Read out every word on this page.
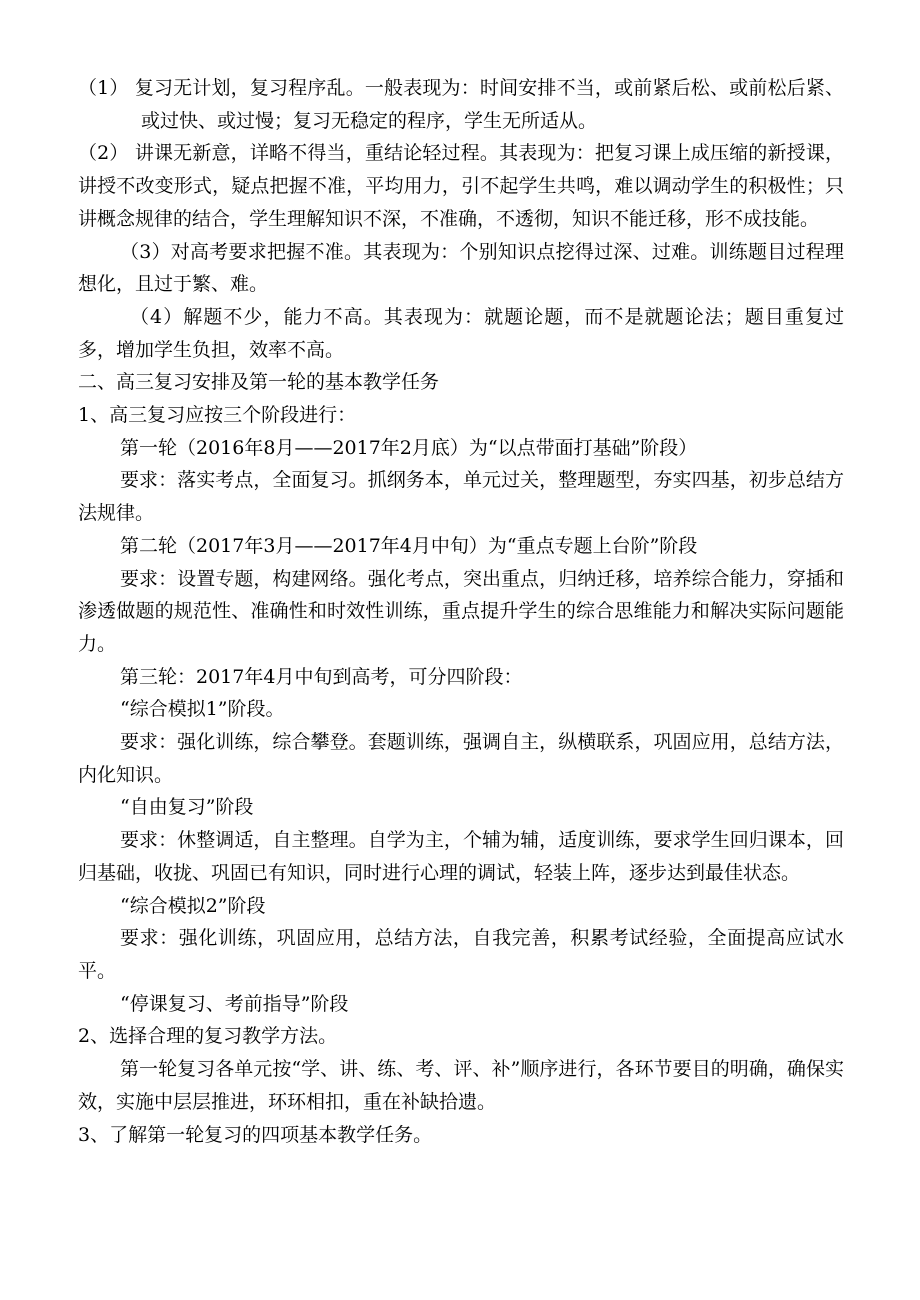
（1） 复习无计划，复习程序乱。一般表现为：时间安排不当，或前紧后松、或前松后紧、或过快、或过慢；复习无稳定的程序，学生无所适从。

（2） 讲课无新意，详略不得当，重结论轻过程。其表现为：把复习课上成压缩的新授课，讲授不改变形式，疑点把握不准，平均用力，引不起学生共鸣，难以调动学生的积极性；只讲概念规律的结合，学生理解知识不深，不准确，不透彻，知识不能迁移，形不成技能。

（3）对高考要求把握不准。其表现为：个别知识点挖得过深、过难。训练题目过程理想化，且过于繁、难。

（4）解题不少，能力不高。其表现为：就题论题，而不是就题论法；题目重复过多，增加学生负担，效率不高。

二、高三复习安排及第一轮的基本教学任务

1、高三复习应按三个阶段进行：

第一轮（2016年8月——2017年2月底）为“以点带面打基础”阶段）

要求：落实考点，全面复习。抓纲务本，单元过关，整理题型，夯实四基，初步总结方法规律。

第二轮（2017年3月——2017年4月中旬）为“重点专题上台阶”阶段

要求：设置专题，构建网络。强化考点，突出重点，归纳迁移，培养综合能力，穿插和渗透做题的规范性、准确性和时效性训练，重点提升学生的综合思维能力和解决实际问题能力。

第三轮：2017年4月中旬到高考，可分四阶段：

“综合模拟1”阶段。

要求：强化训练，综合攀登。套题训练，强调自主，纵横联系，巩固应用，总结方法，内化知识。

“自由复习”阶段

要求：休整调适，自主整理。自学为主，个辅为辅，适度训练，要求学生回归课本，回归基础，收拢、巩固已有知识，同时进行心理的调试，轻装上阵，逐步达到最佳状态。

“综合模拟2”阶段

要求：强化训练，巩固应用，总结方法，自我完善，积累考试经验，全面提高应试水平。

“停课复习、考前指导”阶段

2、选择合理的复习教学方法。

第一轮复习各单元按“学、讲、练、考、评、补”顺序进行，各环节要目的明确，确保实效，实施中层层推进，环环相扣，重在补缺拾遗。

3、了解第一轮复习的四项基本教学任务。
